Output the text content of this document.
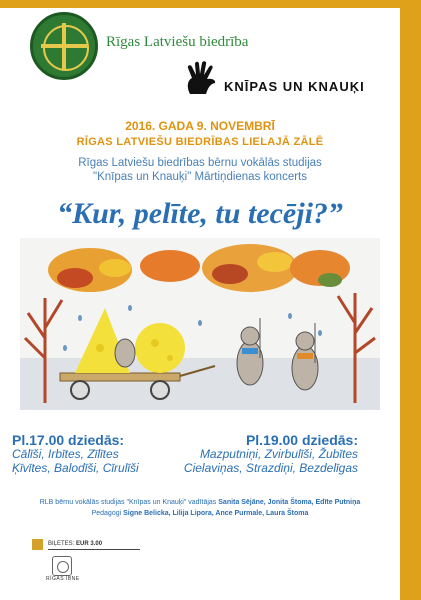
Rīgas Latviešu biedrība
KNĪPAS UN KNAUĶI
2016. GADA 9. NOVEMBRĪ
RĪGAS LATVIEŠU BIEDRĪBAS LIELAJĀ ZĀLĒ
Rīgas Latviešu biedrības bērnu vokālās studijas
"Knīpas un Knauķi" Mārtiņdienas koncerts
“Kur, pelīte, tu tecēji?”
Pl.17.00 dziedās:
Cālīši, Irbītes, Zīlītes
Ķīvītes, Balodīši, Cīrulīši
Pl.19.00 dziedās:
Mazputniņi, Zvirbulīši, Žubītes
Cielaviņas, Strazdiņi, Bezdelīgas
RLB bērnu vokālās studijas "Knīpas un Knauķi" vadītājas Sanita Sējāne, Jonita Štoma, Edīte Putniņa
Pedagogi Signe Belicka, Lilija Lipora, Ance Purmale, Laura Štoma
BIĻETES: EUR 3.00
RĪGAS ĪBNE
